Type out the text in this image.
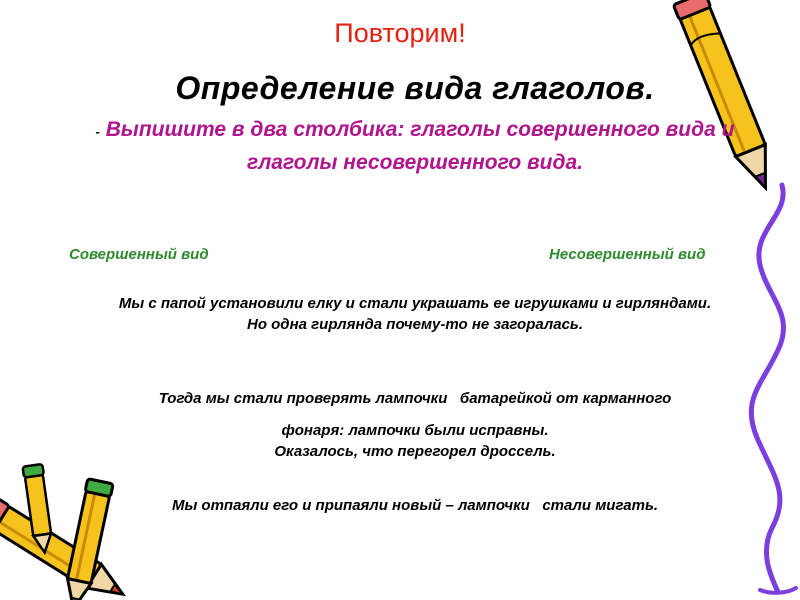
Повторим!
Определение вида глаголов.
- Выпишите в два столбика: глаголы совершенного вида и глаголы несовершенного вида.
Совершенный вид	Несовершенный вид
Мы с папой установили елку и стали украшать ее игрушками и гирляндами.
Но одна гирлянда почему-то не загоралась.
Тогда мы стали проверять лампочки   батарейкой от карманного
фонаря: лампочки были исправны.
Оказалось, что перегорел дроссель.
Мы отпаяли его и припаяли новый – лампочки   стали мигать.
